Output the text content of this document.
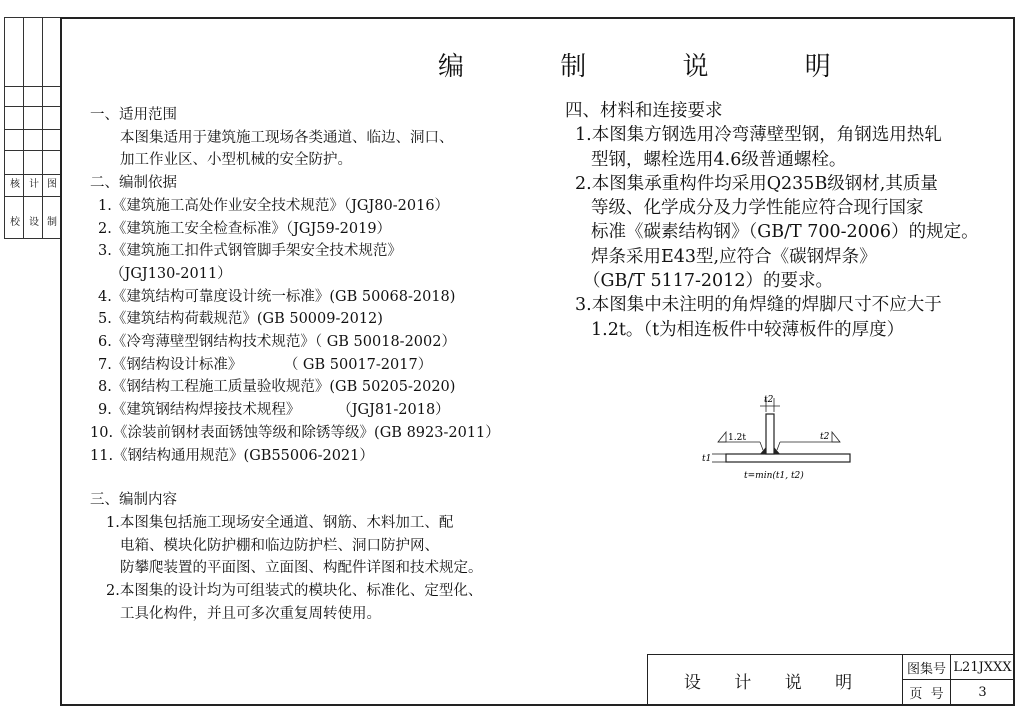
校
核
设
计
制
图
编 制 说 明

一、适用范围

本图集适用于建筑施工现场各类通道、临边、洞口、

加工作业区、小型机械的安全防护。

二、编制依据

1.《建筑施工高处作业安全技术规范》（JGJ80-2016）

2.《建筑施工安全检查标准》（JGJ59-2019）

3.《建筑施工扣件式钢管脚手架安全技术规范》

（JGJ130-2011）

4.《建筑结构可靠度设计统一标准》(GB 50068-2018)

5.《建筑结构荷载规范》(GB 50009-2012)

6.《冷弯薄壁型钢结构技术规范》（ GB 50018-2002）

7.《钢结构设计标准》         （ GB 50017-2017）

8.《钢结构工程施工质量验收规范》(GB 50205-2020)

9.《建筑钢结构焊接技术规程》        （JGJ81-2018）

10.《涂装前钢材表面锈蚀等级和除锈等级》(GB 8923-2011）

11.《钢结构通用规范》(GB55006-2021）

三、编制内容

1.本图集包括施工现场安全通道、钢筋、木料加工、配

电箱、模块化防护棚和临边防护栏、洞口防护网、

防攀爬装置的平面图、立面图、构配件详图和技术规定。

2.本图集的设计均为可组装式的模块化、标准化、定型化、

工具化构件，并且可多次重复周转使用。

四、材料和连接要求

1.本图集方钢选用冷弯薄壁型钢，角钢选用热轧

型钢，螺栓选用4.6级普通螺栓。

2.本图集承重构件均采用Q235B级钢材,其质量

等级、化学成分及力学性能应符合现行国家

标准《碳素结构钢》（GB/T 700-2006）的规定。

焊条采用E43型,应符合《碳钢焊条》

（GB/T 5117-2012）的要求。

3.本图集中未注明的角焊缝的焊脚尺寸不应大于

1.2t。（t为相连板件中较薄板件的厚度）

t2
1.2t	t2
t1
t=min(t1, t2)
设 计 说 明
图集号 L21JXXX
页  号	3
